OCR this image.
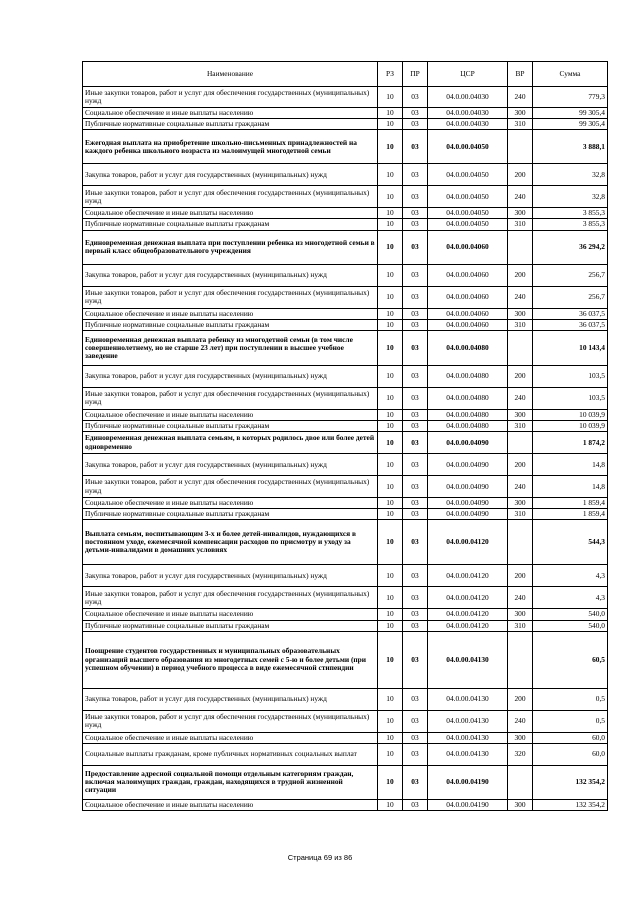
Наименование	РЗ	ПР	ЦСР	ВР	Сумма
Иные закупки товаров, работ и услуг для обеспечения государственных (муниципальных) нужд	10	03	04.0.00.04030	240	779,3
Социальное обеспечение и иные выплаты населению	10	03	04.0.00.04030	300	99 305,4
Публичные нормативные социальные выплаты гражданам	10	03	04.0.00.04030	310	99 305,4
Ежегодная выплата на приобретение школьно-письменных принадлежностей на каждого ребенка школьного возраста из малоимущей многодетной семьи	10	03	04.0.00.04050		3 888,1
Закупка товаров, работ и услуг для государственных (муниципальных) нужд	10	03	04.0.00.04050	200	32,8
Иные закупки товаров, работ и услуг для обеспечения государственных (муниципальных) нужд	10	03	04.0.00.04050	240	32,8
Социальное обеспечение и иные выплаты населению	10	03	04.0.00.04050	300	3 855,3
Публичные нормативные социальные выплаты гражданам	10	03	04.0.00.04050	310	3 855,3
Единовременная денежная выплата при поступлении ребенка из многодетной семьи в первый класс общеобразовательного учреждения	10	03	04.0.00.04060		36 294,2
Закупка товаров, работ и услуг для государственных (муниципальных) нужд	10	03	04.0.00.04060	200	256,7
Иные закупки товаров, работ и услуг для обеспечения государственных (муниципальных) нужд	10	03	04.0.00.04060	240	256,7
Социальное обеспечение и иные выплаты населению	10	03	04.0.00.04060	300	36 037,5
Публичные нормативные социальные выплаты гражданам	10	03	04.0.00.04060	310	36 037,5
Единовременная денежная выплата ребенку из многодетной семьи (в том числе совершеннолетнему, но не старше 23 лет) при поступлении в высшее учебное заведение	10	03	04.0.00.04080		10 143,4
Закупка товаров, работ и услуг для государственных (муниципальных) нужд	10	03	04.0.00.04080	200	103,5
Иные закупки товаров, работ и услуг для обеспечения государственных (муниципальных) нужд	10	03	04.0.00.04080	240	103,5
Социальное обеспечение и иные выплаты населению	10	03	04.0.00.04080	300	10 039,9
Публичные нормативные социальные выплаты гражданам	10	03	04.0.00.04080	310	10 039,9
Единовременная денежная выплата семьям, в которых родилось двое или более детей одновременно	10	03	04.0.00.04090		1 874,2
Закупка товаров, работ и услуг для государственных (муниципальных) нужд	10	03	04.0.00.04090	200	14,8
Иные закупки товаров, работ и услуг для обеспечения государственных (муниципальных) нужд	10	03	04.0.00.04090	240	14,8
Социальное обеспечение и иные выплаты населению	10	03	04.0.00.04090	300	1 859,4
Публичные нормативные социальные выплаты гражданам	10	03	04.0.00.04090	310	1 859,4
Выплата семьям, воспитывающим 3-х и более детей-инвалидов, нуждающихся в постоянном уходе, ежемесячной компенсации расходов по присмотру и уходу за детьми-инвалидами в домашних условиях	10	03	04.0.00.04120		544,3
Закупка товаров, работ и услуг для государственных (муниципальных) нужд	10	03	04.0.00.04120	200	4,3
Иные закупки товаров, работ и услуг для обеспечения государственных (муниципальных) нужд	10	03	04.0.00.04120	240	4,3
Социальное обеспечение и иные выплаты населению	10	03	04.0.00.04120	300	540,0
Публичные нормативные социальные выплаты гражданам	10	03	04.0.00.04120	310	540,0
Поощрение студентов государственных и муниципальных образовательных организаций высшего образования из многодетных семей с 5-ю и более детьми (при успешном обучении) в период учебного процесса в виде ежемесячной стипендии	10	03	04.0.00.04130		60,5
Закупка товаров, работ и услуг для государственных (муниципальных) нужд	10	03	04.0.00.04130	200	0,5
Иные закупки товаров, работ и услуг для обеспечения государственных (муниципальных) нужд	10	03	04.0.00.04130	240	0,5
Социальное обеспечение и иные выплаты населению	10	03	04.0.00.04130	300	60,0
Социальные выплаты гражданам, кроме публичных нормативных социальных выплат	10	03	04.0.00.04130	320	60,0
Предоставление адресной социальной помощи отдельным категориям граждан, включая малоимущих граждан, граждан, находящихся в трудной жизненной ситуации	10	03	04.0.00.04190		132 354,2
Социальное обеспечение и иные выплаты населению	10	03	04.0.00.04190	300	132 354,2
Страница 69 из 86
